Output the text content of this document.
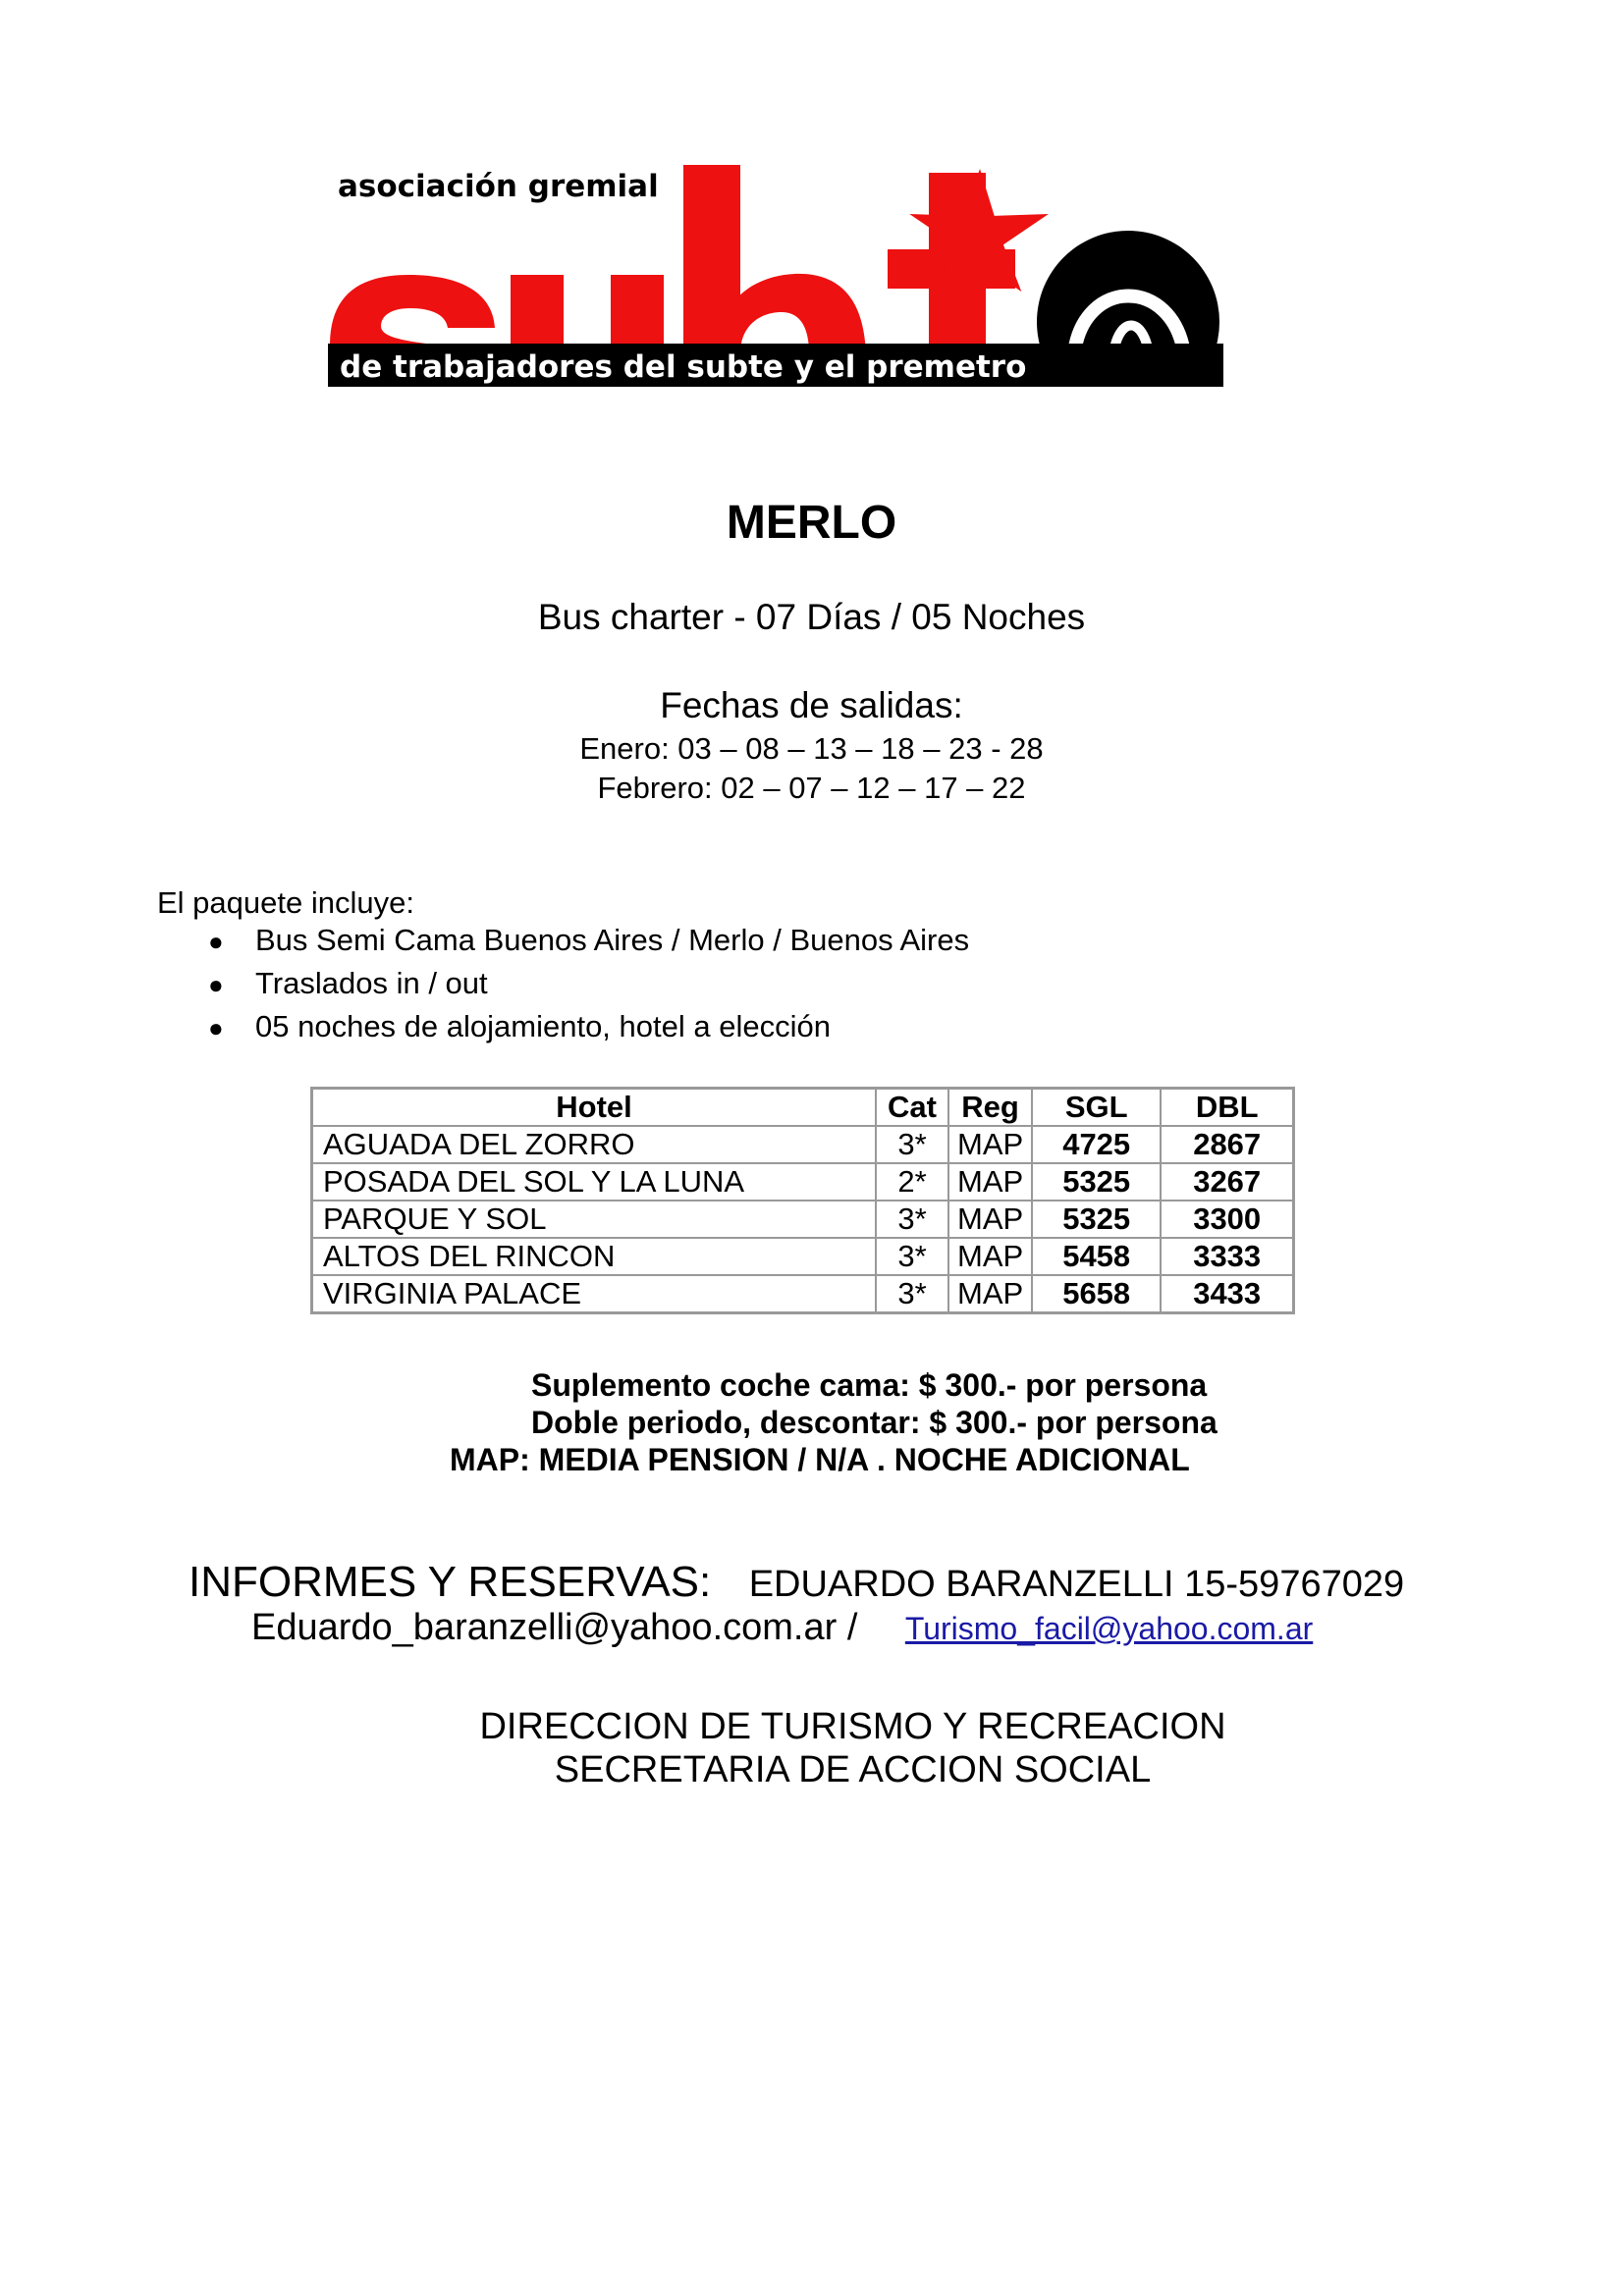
asociación gremial
de trabajadores del subte y el premetro
MERLO
Bus charter - 07 Días / 05 Noches
Fechas de salidas:
Enero: 03 – 08 – 13 – 18 – 23 - 28
Febrero: 02 – 07 – 12 – 17 – 22
El paquete incluye:
● Bus Semi Cama Buenos Aires / Merlo / Buenos Aires
● Traslados in / out
● 05 noches de alojamiento, hotel a elección
Hotel	Cat	Reg	SGL	DBL
AGUADA DEL ZORRO	3*	MAP	4725	2867
POSADA DEL SOL Y LA LUNA	2*	MAP	5325	3267
PARQUE Y SOL	3*	MAP	5325	3300
ALTOS DEL RINCON	3*	MAP	5458	3333
VIRGINIA PALACE	3*	MAP	5658	3433
Suplemento coche cama: $ 300.- por persona
Doble periodo, descontar: $ 300.- por persona
MAP: MEDIA PENSION / N/A . NOCHE ADICIONAL
INFORMES Y RESERVAS: EDUARDO BARANZELLI 15-59767029
Eduardo_baranzelli@yahoo.com.ar / Turismo_facil@yahoo.com.ar
DIRECCION DE TURISMO Y RECREACION
SECRETARIA DE ACCION SOCIAL
